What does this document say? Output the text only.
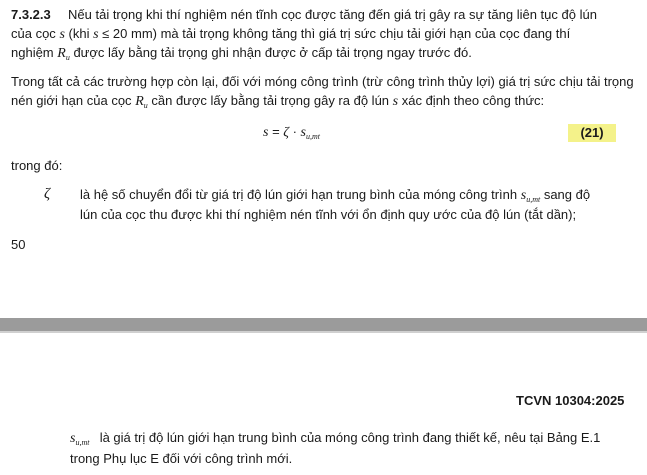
7.3.2.3 Nếu tải trọng khi thí nghiệm nén tĩnh cọc được tăng đến giá trị gây ra sự tăng liên tục độ lún
của cọc s (khi s ≤ 20 mm) mà tải trọng không tăng thì giá trị sức chịu tải giới hạn của cọc đang thí
nghiệm $R_u$ được lấy bằng tải trọng ghi nhận được ở cấp tải trọng ngay trước đó.
Trong tất cả các trường hợp còn lại, đối với móng công trình (trừ công trình thủy lợi) giá trị sức chịu tải trọng
nén giới hạn của cọc $R_u$ cần được lấy bằng tải trọng gây ra độ lún s xác định theo công thức:
$s = \zeta \cdot s_{u,mt}$	(21)
trong đó:
ζ là hệ số chuyển đổi từ giá trị độ lún giới hạn trung bình của móng công trình $s_{u,mt}$ sang độ
lún của cọc thu được khi thí nghiệm nén tĩnh với ổn định quy ước của độ lún (tắt dần);
50
TCVN 10304:2025
$s_{u,mt}$ là giá trị độ lún giới hạn trung bình của móng công trình đang thiết kế, nêu tại Bảng E.1
trong Phụ lục E đối với công trình mới.
